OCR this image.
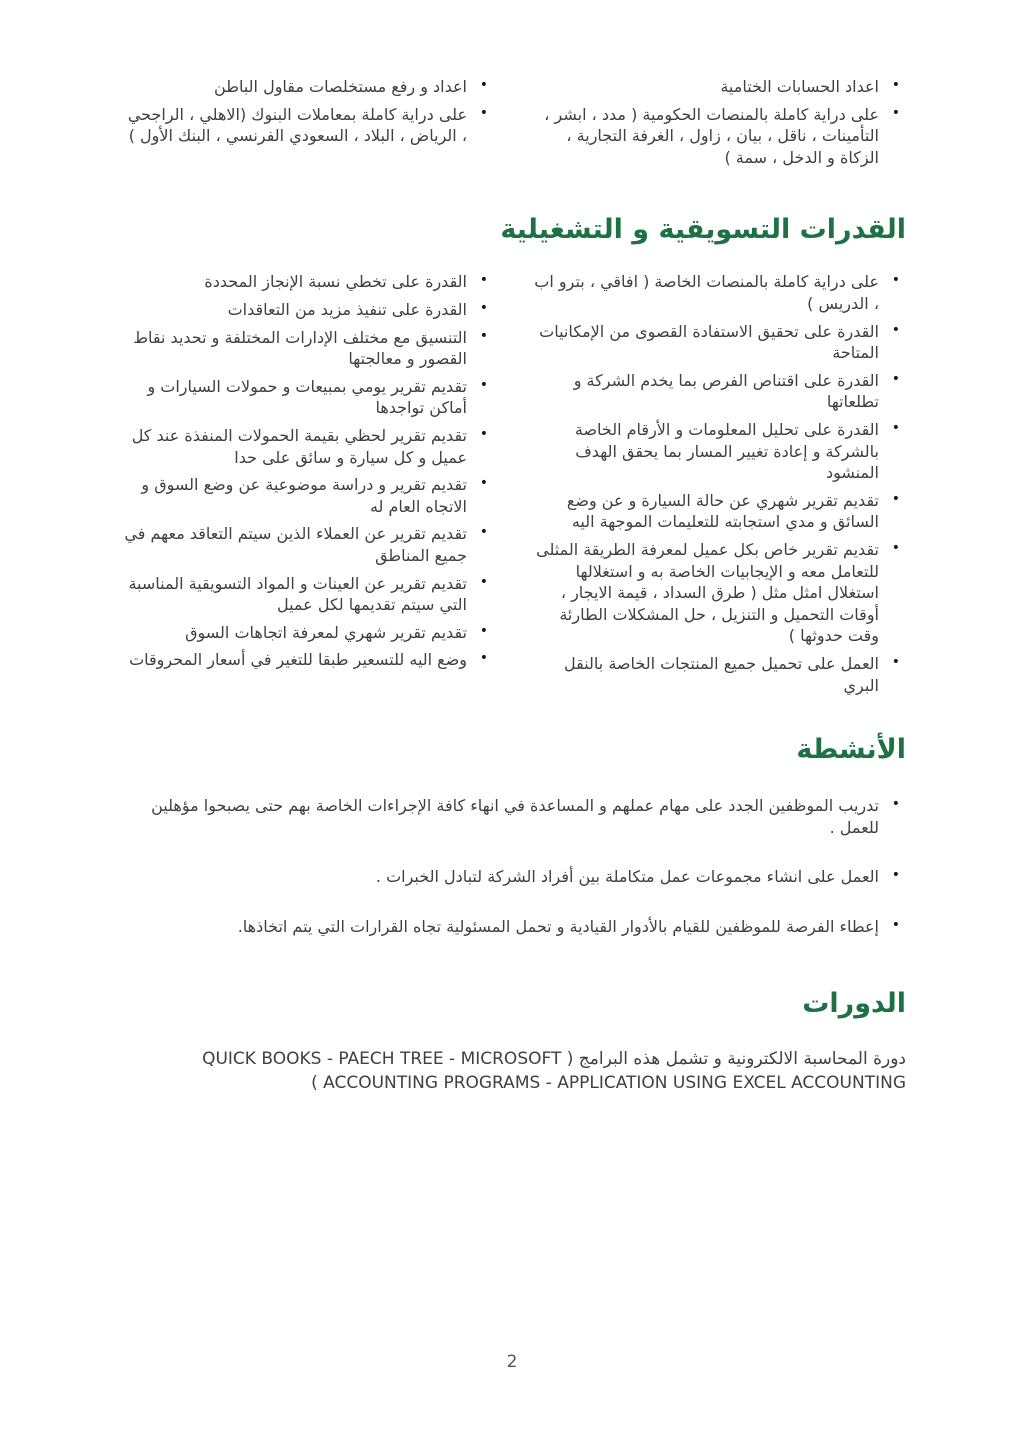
• اعداد الحسابات الختامية
• على دراية كاملة بالمنصات الحكومية ( مدد ، ابشر ، التأمينات ، ناقل ، بيان ، زاول ، الغرفة التجارية ، الزكاة و الدخل ، سمة )
• اعداد و رفع مستخلصات مقاول الباطن
• على دراية كاملة بمعاملات البنوك (الاهلي ، الراجحي ، الرياض ، البلاد ، السعودي الفرنسي ، البنك الأول )
القدرات التسويقية و التشغيلية
• على دراية كاملة بالمنصات الخاصة ( افاقي ، بترو اب ، الدريس )
• القدرة على تحقيق الاستفادة القصوى من الإمكانيات المتاحة
• القدرة على اقتناص الفرص بما يخدم الشركة و تطلعاتها
• القدرة على تحليل المعلومات و الأرقام الخاصة بالشركة و إعادة تغيير المسار بما يحقق الهدف المنشود
• تقديم تقرير شهري عن حالة السيارة و عن وضع السائق و مدي استجابته للتعليمات الموجهة اليه
• تقديم تقرير خاص بكل عميل لمعرفة الطريقة المثلى للتعامل معه و الإيجابيات الخاصة به و استغلالها استغلال امثل مثل ( طرق السداد ، قيمة الايجار ، أوقات التحميل و التنزيل ، حل المشكلات الطارئة وقت حدوثها )
• العمل على تحميل جميع المنتجات الخاصة بالنقل البري
• القدرة على تخطي نسبة الإنجاز المحددة
• القدرة على تنفيذ مزيد من التعاقدات
• التنسيق مع مختلف الإدارات المختلفة و تحديد نقاط القصور و معالجتها
• تقديم تقرير يومي بمبيعات و حمولات السيارات و أماكن تواجدها
• تقديم تقرير لحظي بقيمة الحمولات المنفذة عند كل عميل و كل سيارة و سائق على حدا
• تقديم تقرير و دراسة موضوعية عن وضع السوق و الاتجاه العام له
• تقديم تقرير عن العملاء الذين سيتم التعاقد معهم في جميع المناطق
• تقديم تقرير عن العينات و المواد التسويقية المناسبة التي سيتم تقديمها لكل عميل
• تقديم تقرير شهري لمعرفة اتجاهات السوق
• وضع اليه للتسعير طبقا للتغير في أسعار المحروقات
الأنشطة
• تدريب الموظفين الجدد على مهام عملهم و المساعدة في انهاء كافة الإجراءات الخاصة بهم حتى يصبحوا مؤهلين للعمل .
• العمل على انشاء مجموعات عمل متكاملة بين أفراد الشركة لتبادل الخبرات .
• إعطاء الفرصة للموظفين للقيام بالأدوار القيادية و تحمل المسئولية تجاه القرارات التي يتم اتخاذها.
الدورات

دورة المحاسبة الالكترونية و تشمل هذه البرامج ( QUICK BOOKS - PAECH TREE - MICROSOFT ACCOUNTING PROGRAMS - APPLICATION USING EXCEL ACCOUNTING )

2
